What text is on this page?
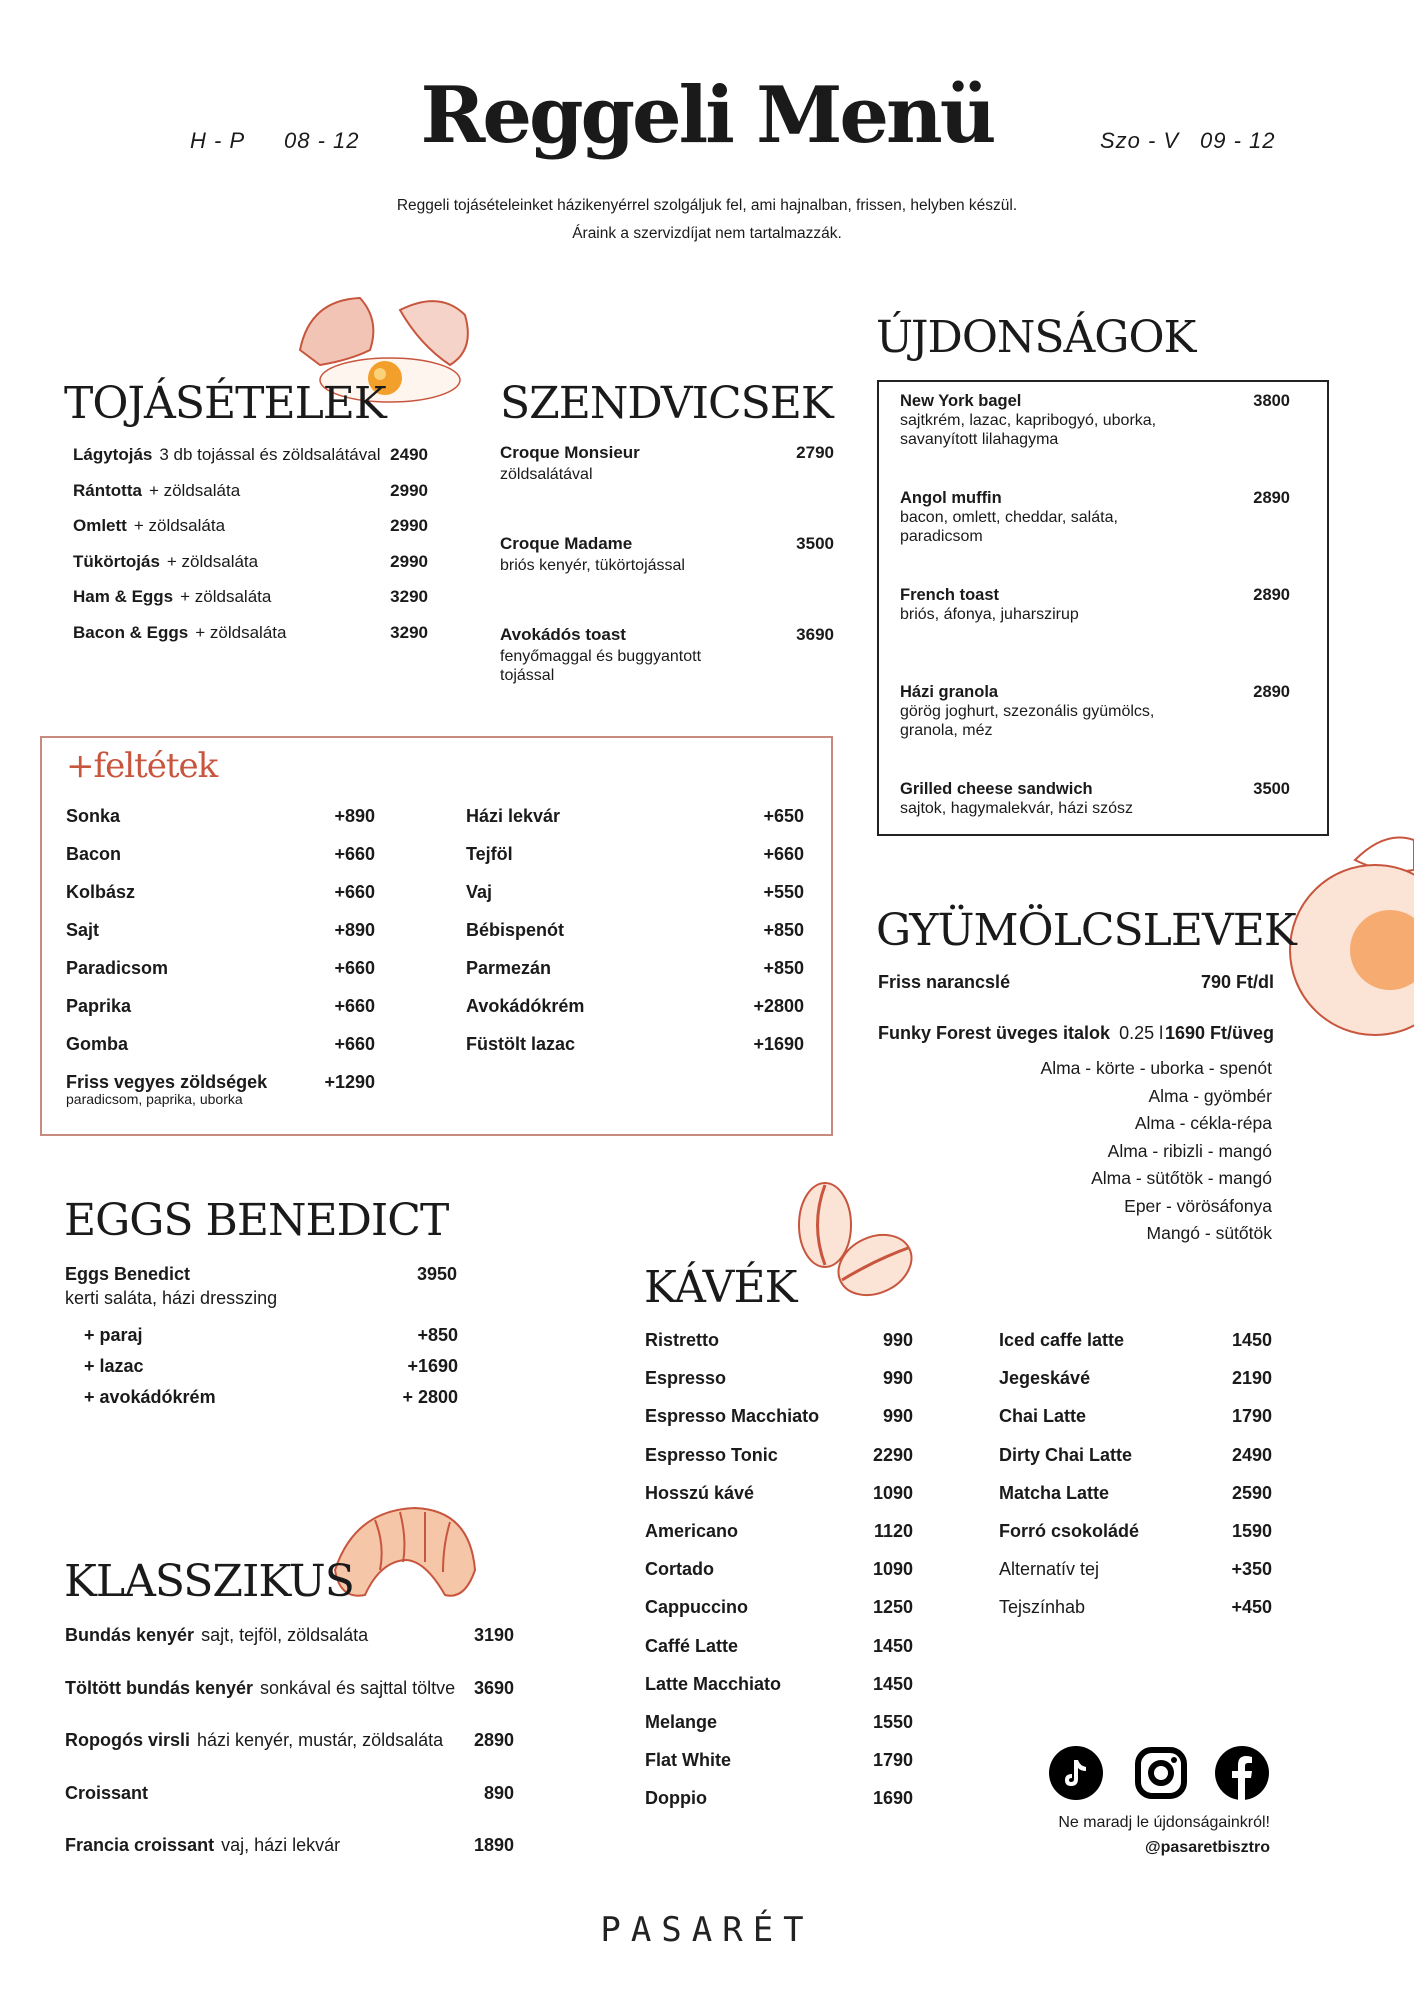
H - P 08 - 12 Reggeli Menü	Szo - V 09 - 12
Reggeli tojásételeinket házikenyérrel szolgáljuk fel, ami hajnalban, frissen, helyben készül.
Áraink a szervizdíjat nem tartalmazzák.
TOJÁSÉTELEK
Lágytojás 3 db tojással és zöldsalátával 2490
Rántotta + zöldsaláta	2990
Omlett + zöldsaláta	2990
Tükörtojás + zöldsaláta	2990
Ham & Eggs + zöldsaláta	3290
Bacon & Eggs + zöldsaláta	3290
SZENDVICSEK
Croque Monsieur
zöldsalátával
2790
Croque Madame
briós kenyér, tükörtojással
3500
Avokádós toast
fenyőmaggal és buggyantott tojással
3690
ÚJDONSÁGOK
New York bagel
sajtkrém, lazac, kapribogyó, uborka, savanyított lilahagyma
3800
Angol muffin
bacon, omlett, cheddar, saláta, paradicsom
2890
French toast
briós, áfonya, juharszirup
2890
Házi granola
görög joghurt, szezonális gyümölcs, granola, méz
2890
Grilled cheese sandwich
sajtok, hagymalekvár, házi szósz
3500
+feltétek
Sonka	+890
Bacon	+660
Kolbász	+660
Sajt	+890
Paradicsom	+660
Paprika	+660
Gomba	+660
Friss vegyes zöldségek
paradicsom, paprika, uborka
+1290
Házi lekvár	+650
Tejföl	+660
Vaj	+550
Bébispenót	+850
Parmezán	+850
Avokádókrém	+2800
Füstölt lazac	+1690
GYÜMÖLCSLEVEK
Friss narancslé	790 Ft/dl
Funky Forest üveges italok 0.25 l 1690 Ft/üveg
Alma - körte - uborka - spenót
Alma - gyömbér
Alma - cékla-répa
Alma - ribizli - mangó
Alma - sütőtök - mangó
Eper - vörösáfonya
Mangó - sütőtök
EGGS BENEDICT
Eggs Benedict
kerti saláta, házi dresszing
3950
+ paraj	+850
+ lazac	+1690
+ avokádókrém	+ 2800
KÁVÉK
Ristretto	990
Espresso	990
Espresso Macchiato	990
Espresso Tonic	2290
Hosszú kávé	1090
Americano	1120
Cortado	1090
Cappuccino	1250
Caffé Latte	1450
Latte Macchiato	1450
Melange	1550
Flat White	1790
Doppio	1690
Iced caffe latte	1450
Jegeskávé	2190
Chai Latte	1790
Dirty Chai Latte	2490
Matcha Latte	2590
Forró csokoládé	1590
Alternatív tej	+350
Tejszínhab	+450
KLASSZIKUS
Bundás kenyér sajt, tejföl, zöldsaláta	3190
Töltött bundás kenyér sonkával és sajttal töltve 3690
Ropogós virsli házi kenyér, mustár, zöldsaláta 2890
Croissant	890
Francia croissant vaj, házi lekvár	1890
Ne maradj le újdonságainkról!
@pasaretbisztro
PASARÉT
